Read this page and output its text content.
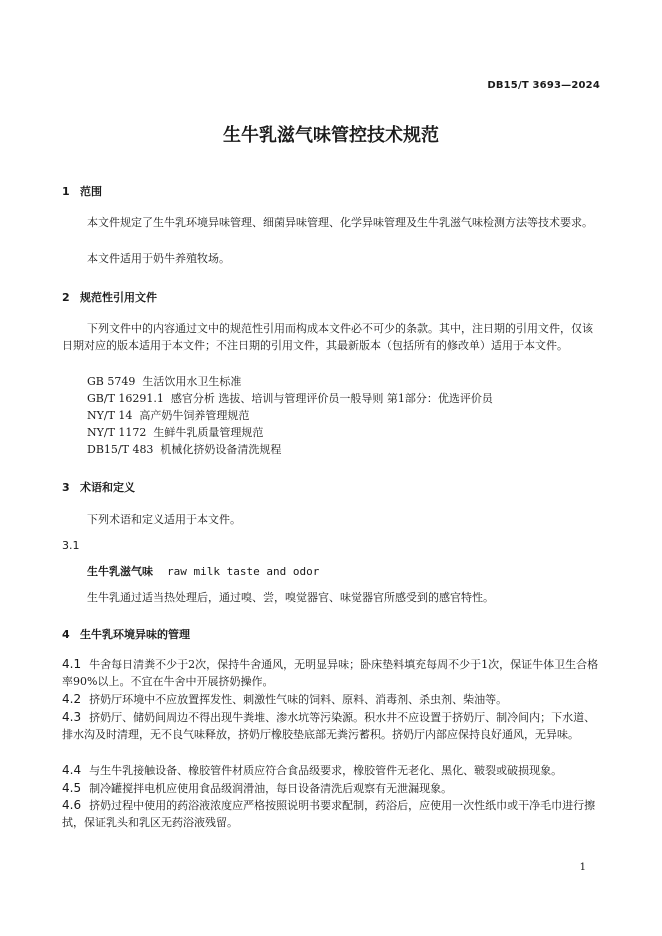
DB15/T 3693—2024
生牛乳滋气味管控技术规范
1 范围
本文件规定了生牛乳环境异味管理、细菌异味管理、化学异味管理及生牛乳滋气味检测方法等技术要求。
本文件适用于奶牛养殖牧场。
2 规范性引用文件
下列文件中的内容通过文中的规范性引用而构成本文件必不可少的条款。其中，注日期的引用文件，仅该日期对应的版本适用于本文件；不注日期的引用文件，其最新版本（包括所有的修改单）适用于本文件。
GB 5749  生活饮用水卫生标准
GB/T 16291.1  感官分析 选拔、培训与管理评价员一般导则 第1部分：优选评价员
NY/T 14  高产奶牛饲养管理规范
NY/T 1172  生鲜牛乳质量管理规范
DB15/T 483  机械化挤奶设备清洗规程
3 术语和定义
下列术语和定义适用于本文件。
3.1
生牛乳滋气味 raw milk taste and odor
生牛乳通过适当热处理后，通过嗅、尝，嗅觉器官、味觉器官所感受到的感官特性。
4 生牛乳环境异味的管理
4.1 牛舍每日清粪不少于2次，保持牛舍通风，无明显异味；卧床垫料填充每周不少于1次，保证牛体卫生合格率90%以上。不宜在牛舍中开展挤奶操作。
4.2 挤奶厅环境中不应放置挥发性、刺激性气味的饲料、原料、消毒剂、杀虫剂、柴油等。
4.3 挤奶厅、储奶间周边不得出现牛粪堆、渗水坑等污染源。积水井不应设置于挤奶厅、制冷间内；下水道、排水沟及时清理，无不良气味释放，挤奶厅橡胶垫底部无粪污蓄积。挤奶厅内部应保持良好通风，无异味。
4.4 与生牛乳接触设备、橡胶管件材质应符合食品级要求，橡胶管件无老化、黑化、皲裂或破损现象。
4.5 制冷罐搅拌电机应使用食品级润滑油，每日设备清洗后观察有无泄漏现象。
4.6 挤奶过程中使用的药浴液浓度应严格按照说明书要求配制，药浴后，应使用一次性纸巾或干净毛巾进行擦拭，保证乳头和乳区无药浴液残留。
1
